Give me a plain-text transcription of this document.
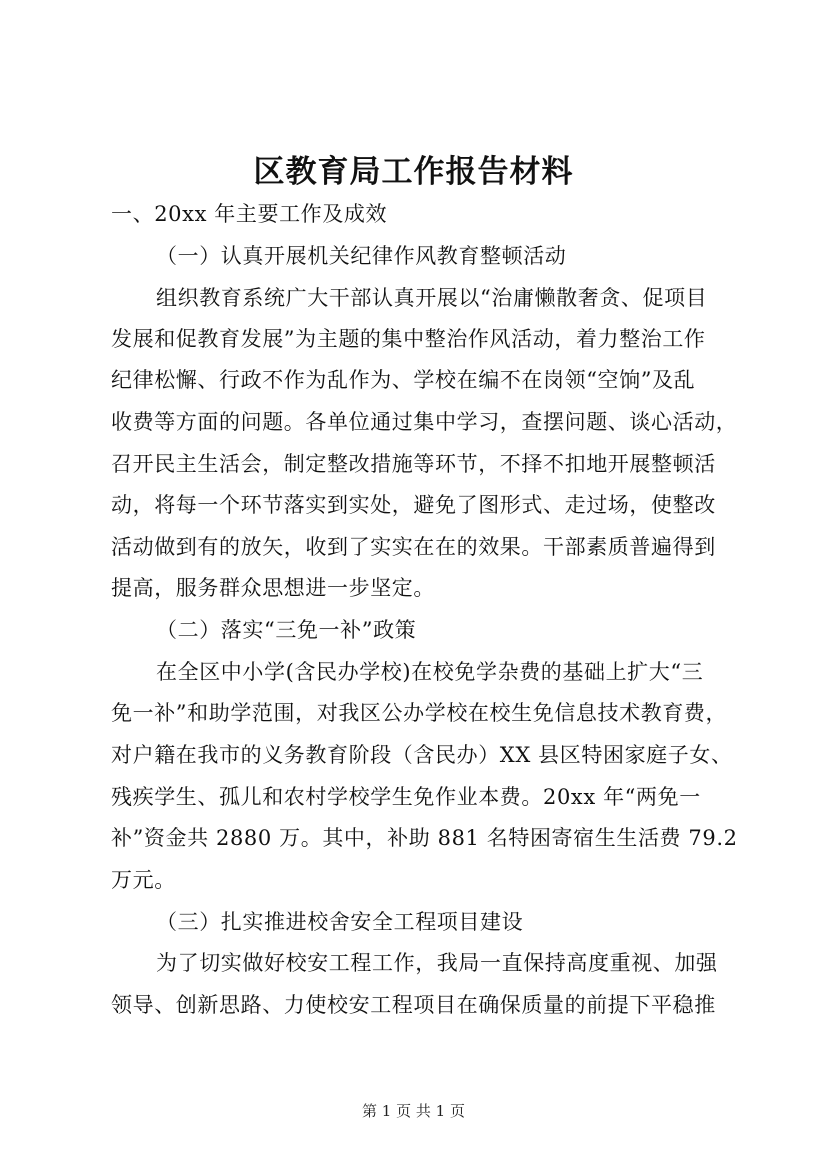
区教育局工作报告材料
一、20xx 年主要工作及成效
（一）认真开展机关纪律作风教育整顿活动
组织教育系统广大干部认真开展以“治庸懒散奢贪、促项目
发展和促教育发展”为主题的集中整治作风活动，着力整治工作
纪律松懈、行政不作为乱作为、学校在编不在岗领“空饷”及乱
收费等方面的问题。各单位通过集中学习，查摆问题、谈心活动，
召开民主生活会，制定整改措施等环节，不择不扣地开展整顿活
动，将每一个环节落实到实处，避免了图形式、走过场，使整改
活动做到有的放矢，收到了实实在在的效果。干部素质普遍得到
提高，服务群众思想进一步坚定。
（二）落实“三免一补”政策
在全区中小学(含民办学校)在校免学杂费的基础上扩大“三
免一补”和助学范围，对我区公办学校在校生免信息技术教育费，
对户籍在我市的义务教育阶段（含民办）XX 县区特困家庭子女、
残疾学生、孤儿和农村学校学生免作业本费。20xx 年“两免一
补”资金共 2880 万。其中，补助 881 名特困寄宿生生活费 79.2
万元。
（三）扎实推进校舍安全工程项目建设
为了切实做好校安工程工作，我局一直保持高度重视、加强
领导、创新思路、力使校安工程项目在确保质量的前提下平稳推
第 1 页 共 1 页
